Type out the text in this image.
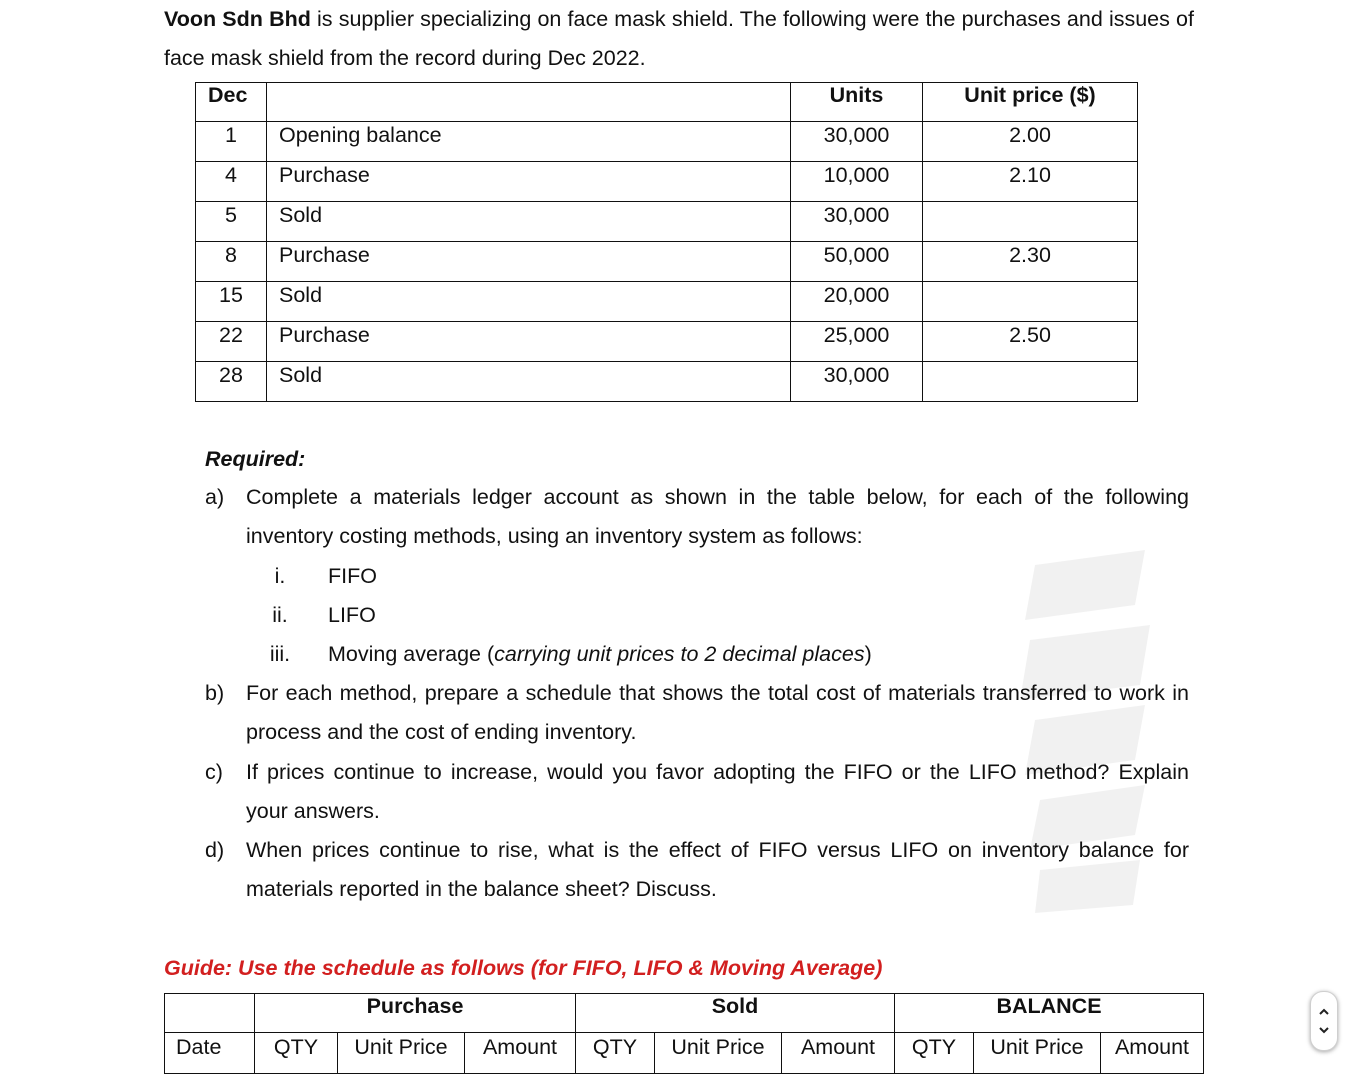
Voon Sdn Bhd is supplier specializing on face mask shield. The following were the purchases and issues of face mask shield from the record during Dec 2022.

Dec		Units	Unit price ($)
1	Opening balance	30,000	2.00
4	Purchase	10,000	2.10
5	Sold	30,000	
8	Purchase	50,000	2.30
15	Sold	20,000	
22	Purchase	25,000	2.50
28	Sold	30,000	
Required:
a) Complete a materials ledger account as shown in the table below, for each of the following inventory costing methods, using an inventory system as follows:
i.	FIFO
ii.	LIFO
iii. Moving average (carrying unit prices to 2 decimal places)
b) For each method, prepare a schedule that shows the total cost of materials transferred to work in process and the cost of ending inventory.
c) If prices continue to increase, would you favor adopting the FIFO or the LIFO method? Explain your answers.
d) When prices continue to rise, what is the effect of FIFO versus LIFO on inventory balance for materials reported in the balance sheet? Discuss.
Guide: Use the schedule as follows (for FIFO, LIFO & Moving Average)
	Purchase			Sold			BALANCE		
Date	QTY	Unit Price	Amount	QTY	Unit Price	Amount	QTY	Unit Price	Amount
